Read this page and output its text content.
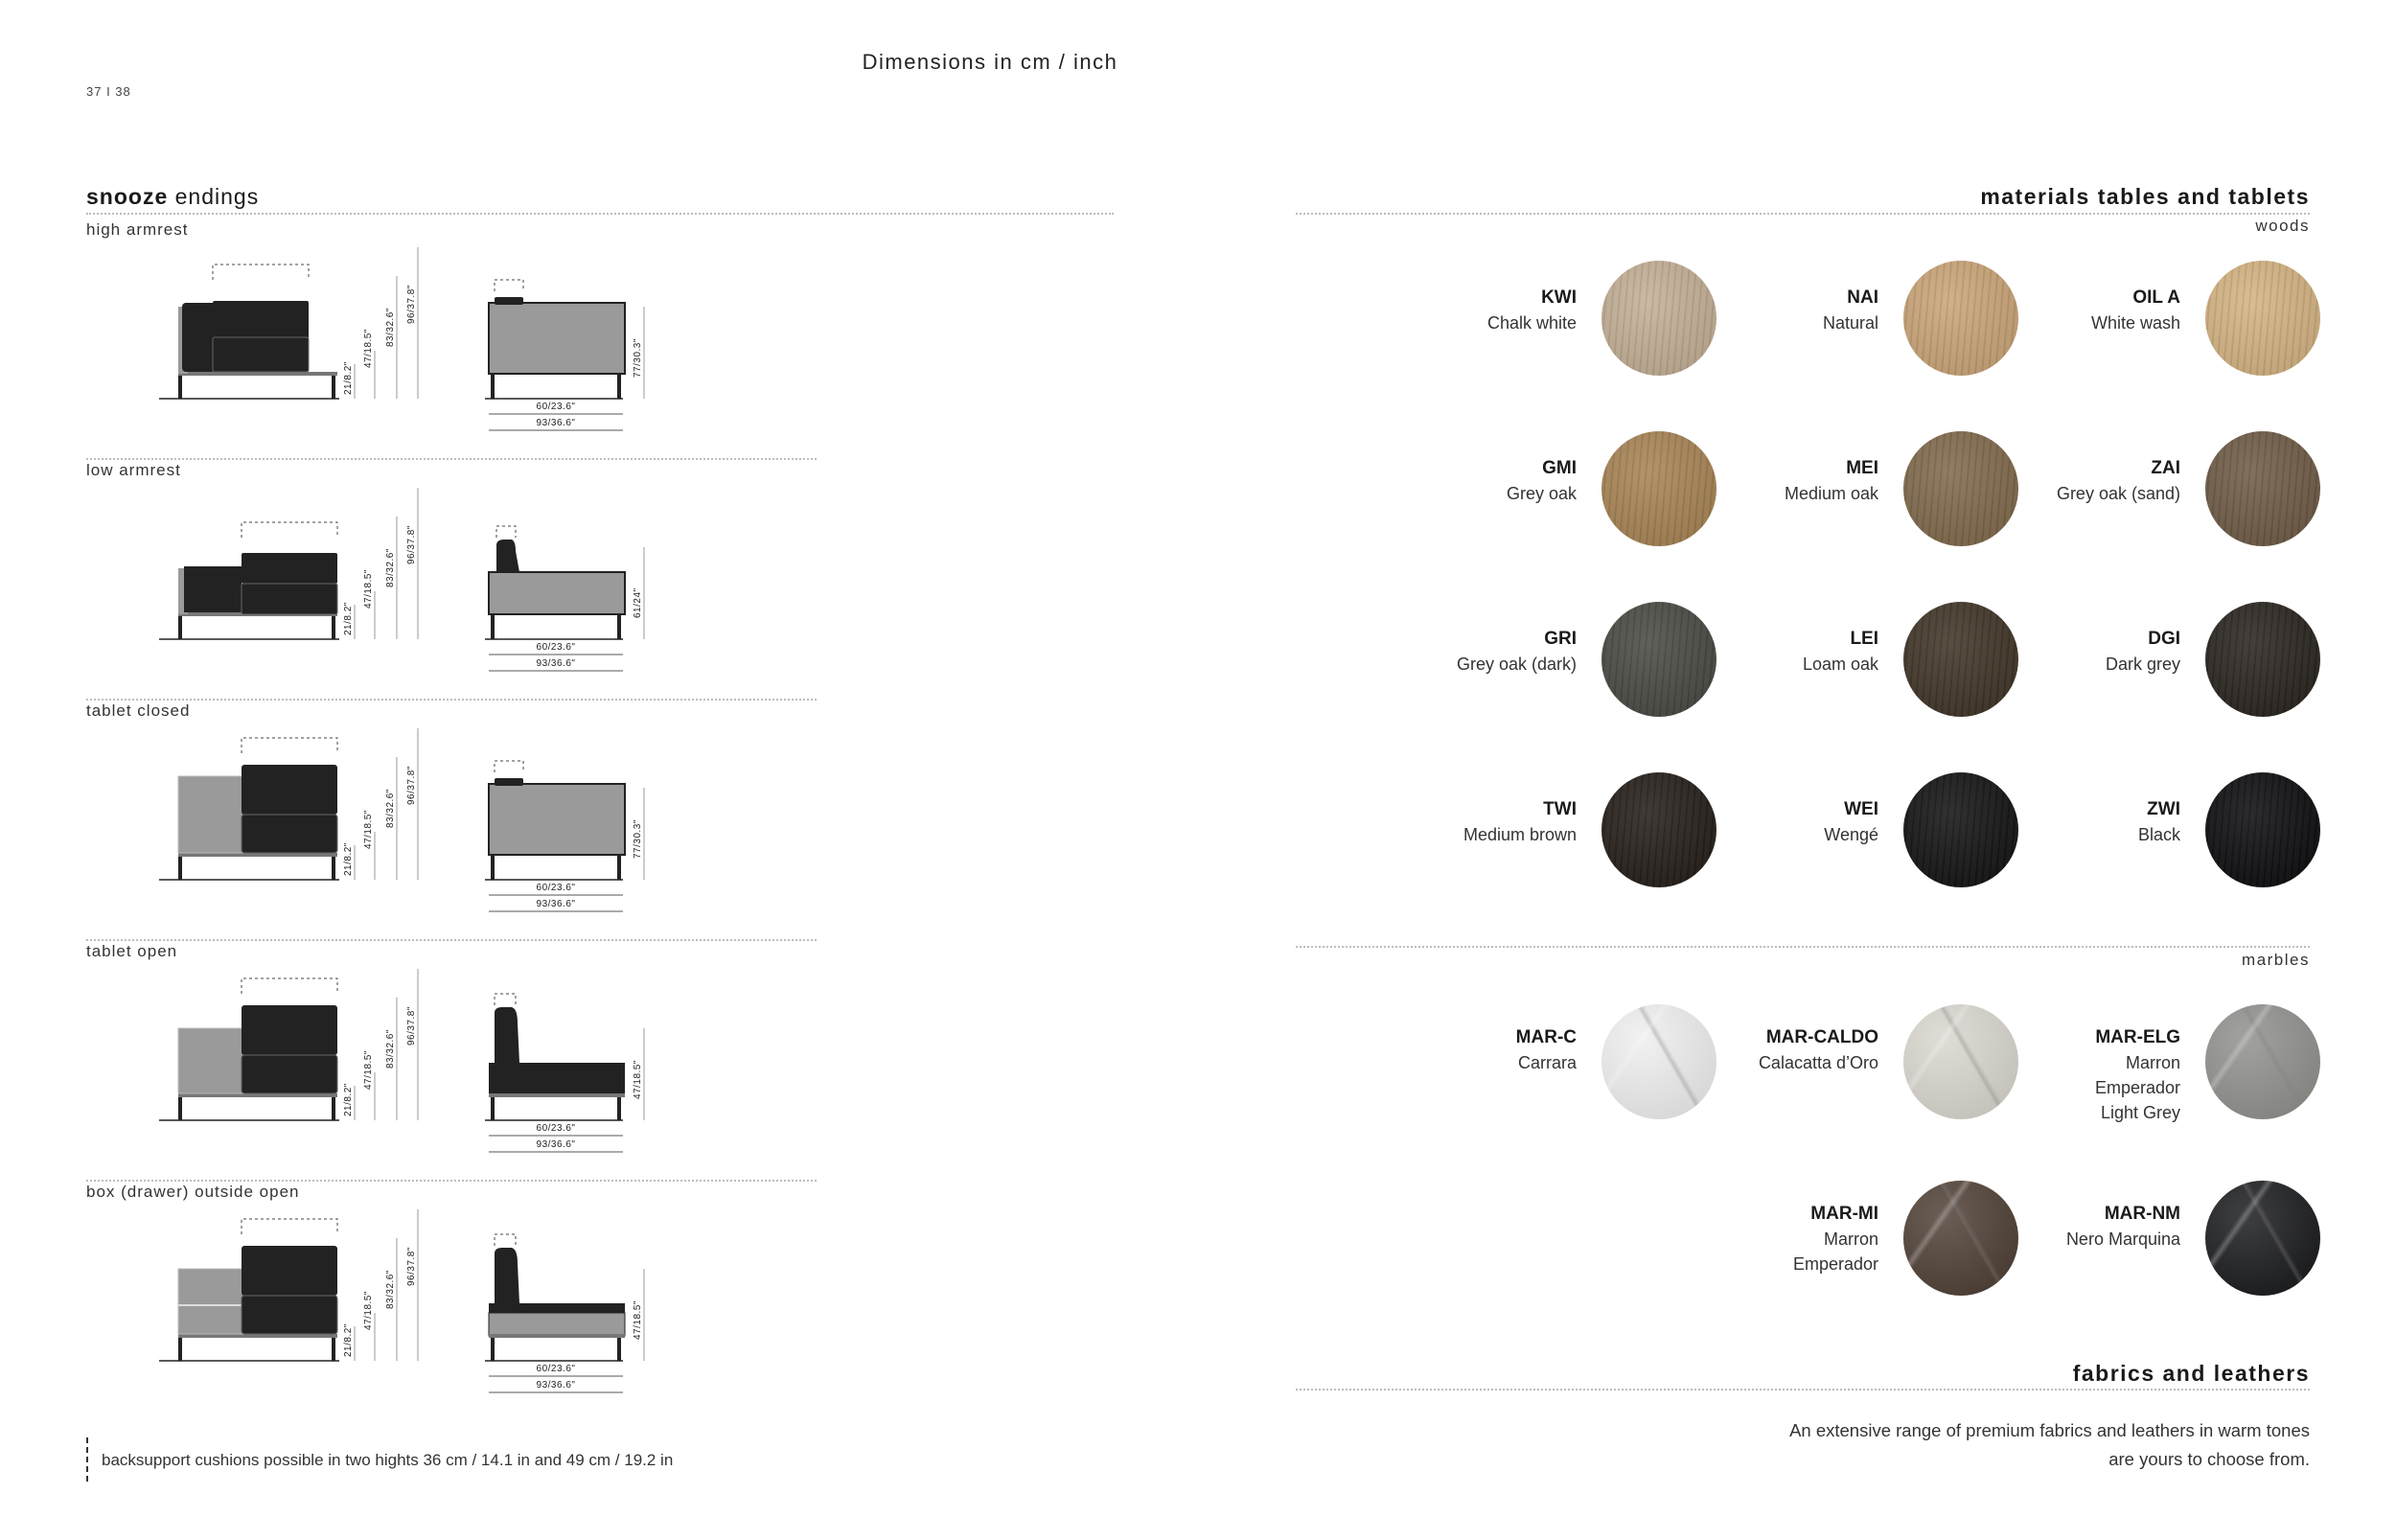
Dimensions in cm / inch
37 I 38
snooze endings
high armrest
21/8.2"
47/18.5"
83/32.6"
96/37.8"
77/30.3"
60/23.6"
93/36.6"
low armrest
21/8.2"
47/18.5"
83/32.6"
96/37.8"
61/24"
60/23.6"
93/36.6"
tablet closed
21/8.2"
47/18.5"
83/32.6"
96/37.8"
77/30.3"
60/23.6"
93/36.6"
tablet open
21/8.2"
47/18.5"
83/32.6"
96/37.8"
47/18.5"
60/23.6"
93/36.6"
box (drawer) outside open
21/8.2"
47/18.5"
83/32.6"
96/37.8"
47/18.5"
60/23.6"
93/36.6"
backsupport cushions possible in two hights 36 cm / 14.1 in and 49 cm / 19.2 in
materials tables and tablets
woods
KWI
Chalk white
NAI
Natural
OIL A
White wash
GMI
Grey oak
MEI
Medium oak
ZAI
Grey oak (sand)
GRI
Grey oak (dark)
LEI
Loam oak
DGI
Dark grey
TWI
Medium brown
WEI
Wengé
ZWI
Black
marbles
MAR-C
Carrara
MAR-CALDO
Calacatta d’Oro
MAR-ELG
Marron
Emperador
Light Grey
MAR-MI
Marron
Emperador
MAR-NM
Nero Marquina
fabrics and leathers
An extensive range of premium fabrics and leathers in warm tones
are yours to choose from.
